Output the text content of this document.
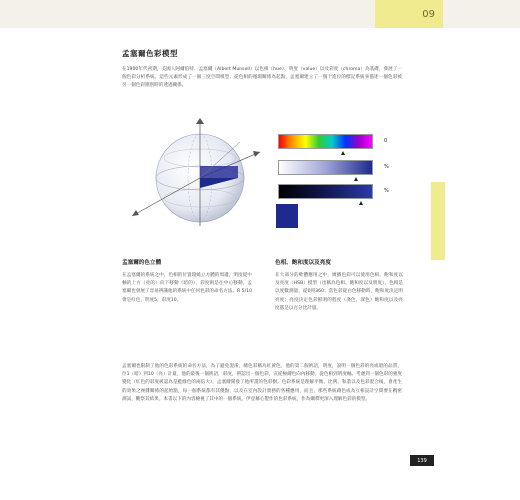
09
孟塞爾色彩模型
在1900年代初期，美國人阿爾伯特．孟塞爾（Albert Munsell）以色相（hue）、明度（value）以及彩度（chroma）為基礎，發展了一個色彩分析系統。這些元素形成了一個三度空間模型；從色相的循環關係為起點，孟塞爾建立了一個十進位的標記系統來描述一個色彩被另一個色彩圍別時的透過關係。
0
%
%
孟塞爾的色立體
在孟塞爾的系統之中，色相的位置環繞立方體的周邊，明度從中軸的上方（亮的）向下移動（暗的），彩度則是往中心移動。孟塞爾也發展了容易辨識他的系統中任何色彩的命名方法。R 5/10會是紅色，明度5，彩度10。
色相、飽和度以及亮度
在大部分的軟體應用之中，廣播色彩可以使用色相、飽和度以及亮度（HSB）模型（也稱為色相、飽和度以及明度），色相是以度數測量，從0到360；當色彩從白色移動時，飽和度決定明亮度；亮度決定色彩鮮明的程度（淺色、深色）飽和度以及亮度都是以百分比計量。
孟塞爾也限制了他的色彩系統的命名方法，為了避免混淆，總色彩稱為紅黃色，他的第二個術語，明度，說明一個色彩的亮或暗的品質，位1（暗）到10（亮）計量，他的最後一個術語，彩度，辨認出一個色彩，宣從極爾色向內移動，從色相到明度軸。考慮到一個色彩的強度變化（紅色的彩度被認為是藍綠色的兩倍大），孟塞爾開發了他所謂的色彩樹。色彩系統是理解平衡、比例、和諧以及色彩混合後，會產生的效果之複雜關係的起始點，每一個系統都有其優點，以及在室內設計實務的各種應用，而且，那些系統藉色成為互相設計空間要在稠密測試，觀察其結果。本書以下的內容檢視了其中的一個系統，伊登稱心製作的色彩系統，作為闡釋更深入理解色彩的模型。
139
